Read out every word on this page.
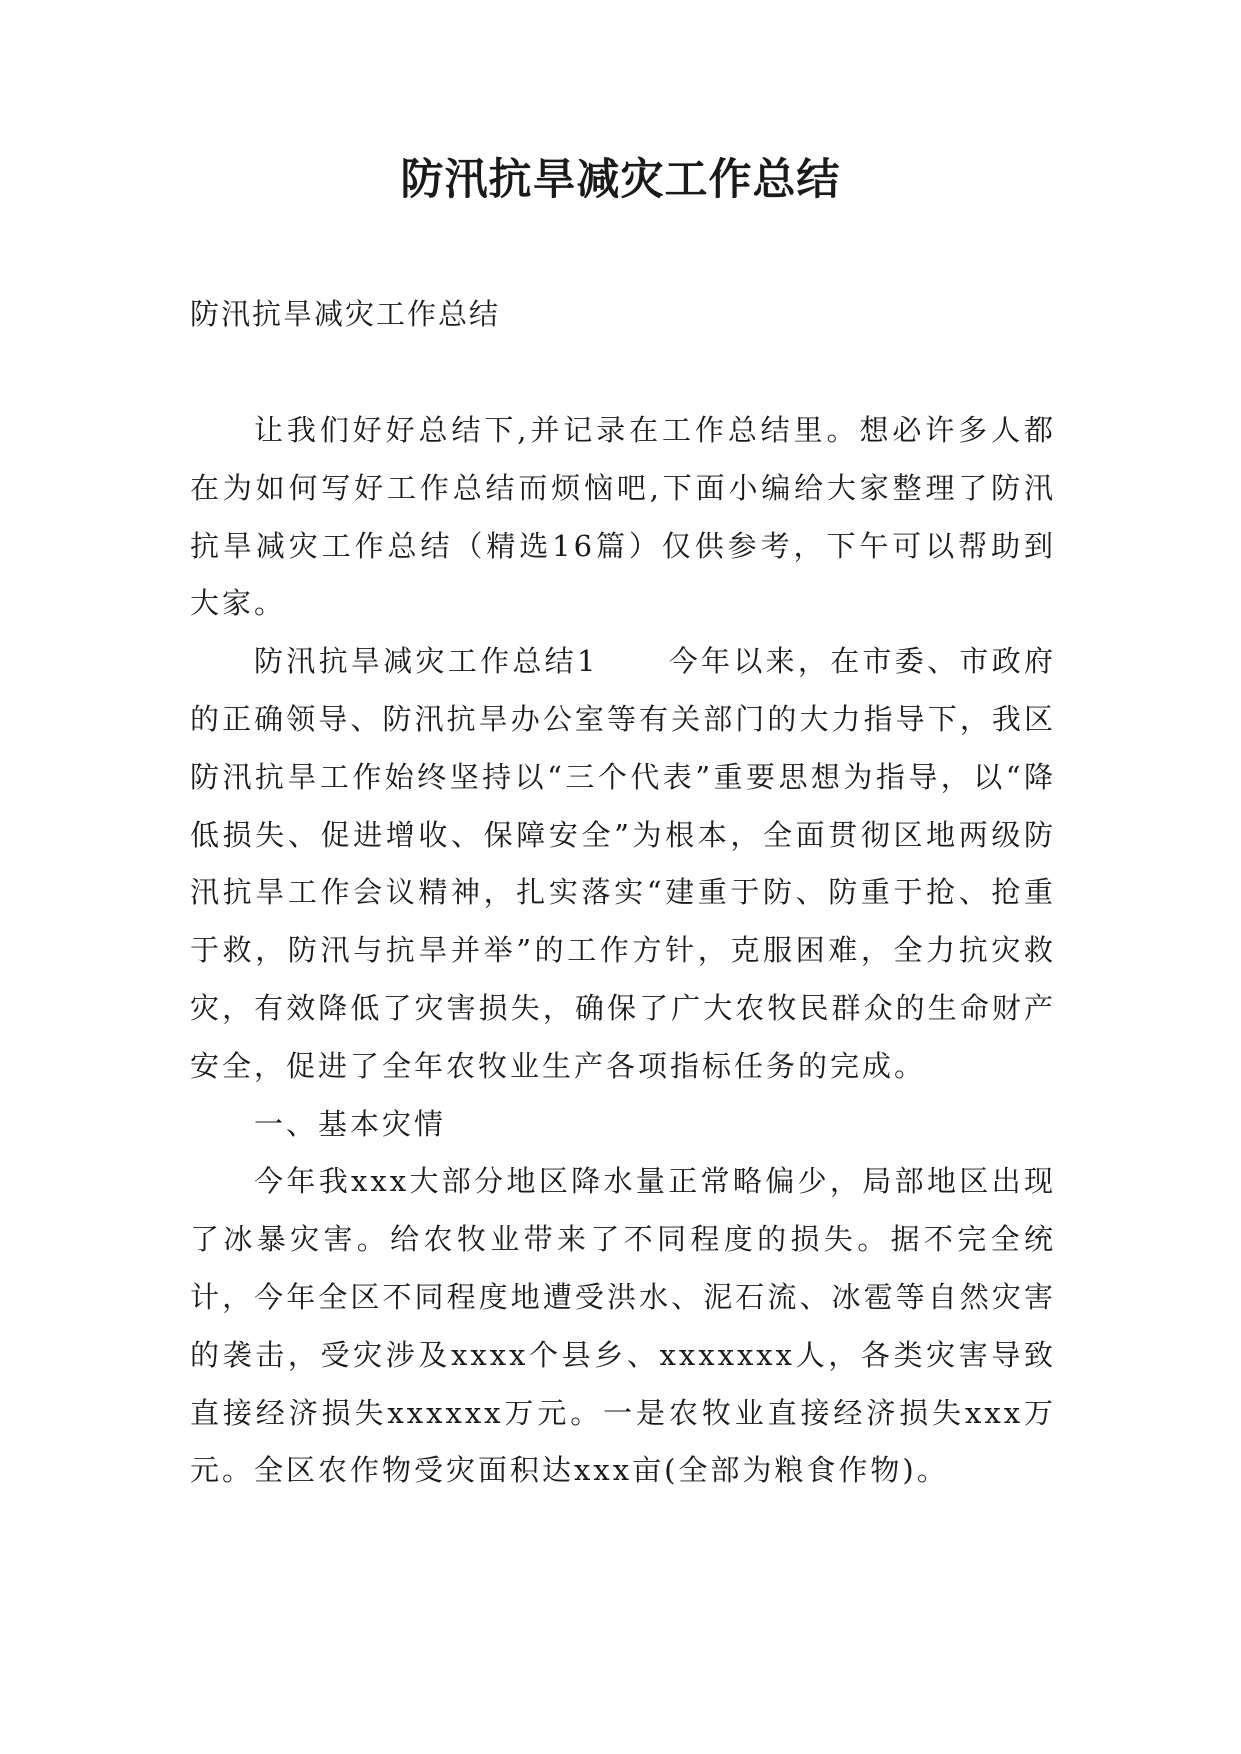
防汛抗旱减灾工作总结

防汛抗旱减灾工作总结

让我们好好总结下,并记录在工作总结里。想必许多人都在为如何写好工作总结而烦恼吧,下面小编给大家整理了防汛抗旱减灾工作总结（精选16篇）仅供参考，下午可以帮助到大家。

防汛抗旱减灾工作总结1 今年以来，在市委、市政府的正确领导、防汛抗旱办公室等有关部门的大力指导下，我区防汛抗旱工作始终坚持以“三个代表”重要思想为指导，以“降低损失、促进增收、保障安全”为根本，全面贯彻区地两级防汛抗旱工作会议精神，扎实落实“建重于防、防重于抢、抢重于救，防汛与抗旱并举”的工作方针，克服困难，全力抗灾救灾，有效降低了灾害损失，确保了广大农牧民群众的生命财产安全，促进了全年农牧业生产各项指标任务的完成。

一、基本灾情

今年我xxx大部分地区降水量正常略偏少，局部地区出现了冰暴灾害。给农牧业带来了不同程度的损失。据不完全统计，今年全区不同程度地遭受洪水、泥石流、冰雹等自然灾害的袭击，受灾涉及xxxx个县乡、xxxxxxx人，各类灾害导致直接经济损失xxxxxx万元。一是农牧业直接经济损失xxx万元。全区农作物受灾面积达xxx亩(全部为粮食作物)。
